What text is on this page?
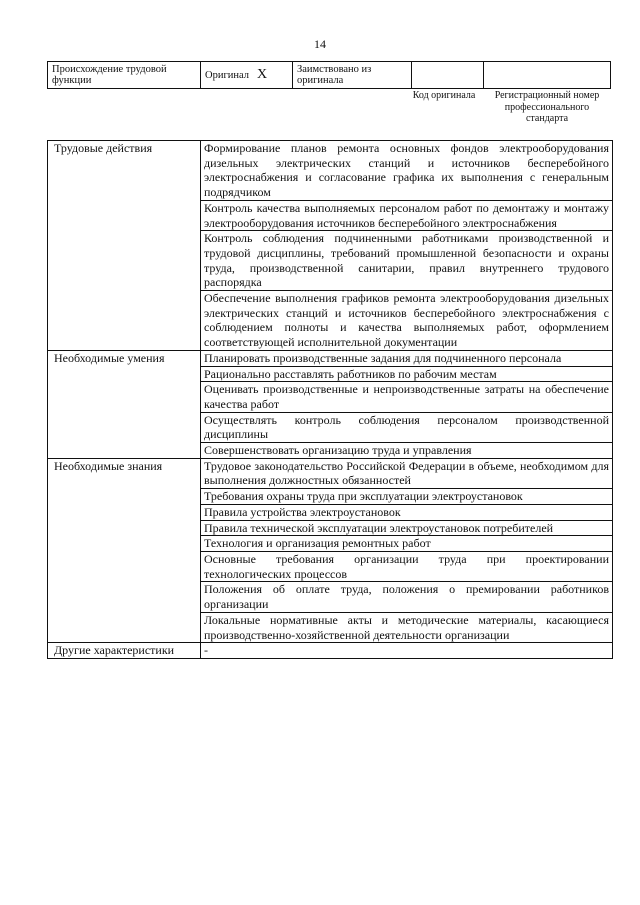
14
Происхождение трудовой функции	Оригинал X	Заимствовано из оригинала		
Код оригинала	Регистрационный номер профессионального стандарта
Трудовые действия	Формирование планов ремонта основных фондов электрооборудования дизельных электрических станций и источников бесперебойного электроснабжения и согласование графика их выполнения с генеральным подрядчиком
	Контроль качества выполняемых персоналом работ по демонтажу и монтажу электрооборудования источников бесперебойного электроснабжения
	Контроль соблюдения подчиненными работниками производственной и трудовой дисциплины, требований промышленной безопасности и охраны труда, производственной санитарии, правил внутреннего трудового распорядка
	Обеспечение выполнения графиков ремонта электрооборудования дизельных электрических станций и источников бесперебойного электроснабжения с соблюдением полноты и качества выполняемых работ, оформлением соответствующей исполнительной документации
Необходимые умения	Планировать производственные задания для подчиненного персонала
	Рационально расставлять работников по рабочим местам
	Оценивать производственные и непроизводственные затраты на обеспечение качества работ
	Осуществлять контроль соблюдения персоналом производственной дисциплины
	Совершенствовать организацию труда и управления
Необходимые знания	Трудовое законодательство Российской Федерации в объеме, необходимом для выполнения должностных обязанностей
	Требования охраны труда при эксплуатации электроустановок
	Правила устройства электроустановок
	Правила технической эксплуатации электроустановок потребителей
	Технология и организация ремонтных работ
	Основные требования организации труда при проектировании технологических процессов
	Положения об оплате труда, положения о премировании работников организации
	Локальные нормативные акты и методические материалы, касающиеся производственно-хозяйственной деятельности организации
Другие характеристики	-
